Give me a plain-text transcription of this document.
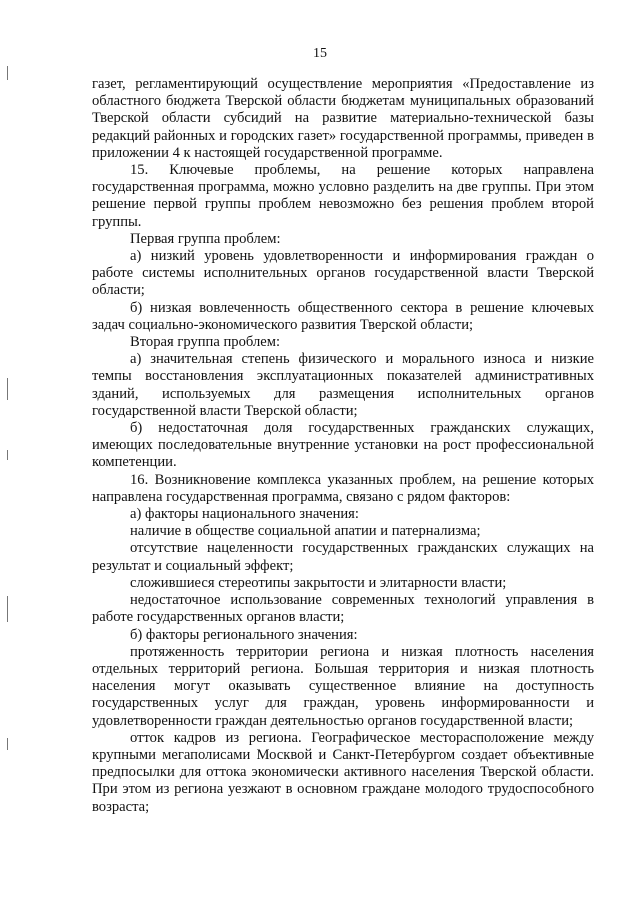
15

газет, регламентирующий осуществление мероприятия «Предоставление из областного бюджета Тверской области бюджетам муниципальных образований Тверской области субсидий на развитие материально-технической базы редакций районных и городских газет» государственной программы, приведен в приложении 4 к настоящей государственной программе.

15. Ключевые проблемы, на решение которых направлена государственная программа, можно условно разделить на две группы. При этом решение первой группы проблем невозможно без решения проблем второй группы.

Первая группа проблем:

а) низкий уровень удовлетворенности и информирования граждан о работе системы исполнительных органов государственной власти Тверской области;

б) низкая вовлеченность общественного сектора в решение ключевых задач социально-экономического развития Тверской области;

Вторая группа проблем:

а) значительная степень физического и морального износа и низкие темпы восстановления эксплуатационных показателей административных зданий, используемых для размещения исполнительных органов государственной власти Тверской области;

б) недостаточная доля государственных гражданских служащих, имеющих последовательные внутренние установки на рост профессиональной компетенции.

16. Возникновение комплекса указанных проблем, на решение которых направлена государственная программа, связано с рядом факторов:

а) факторы национального значения:

наличие в обществе социальной апатии и патернализма;

отсутствие нацеленности государственных гражданских служащих на результат и социальный эффект;

сложившиеся стереотипы закрытости и элитарности власти;

недостаточное использование современных технологий управления в работе государственных органов власти;

б) факторы регионального значения:

протяженность территории региона и низкая плотность населения отдельных территорий региона. Большая территория и низкая плотность населения могут оказывать существенное влияние на доступность государственных услуг для граждан, уровень информированности и удовлетворенности граждан деятельностью органов государственной власти;

отток кадров из региона. Географическое месторасположение между крупными мегаполисами Москвой и Санкт-Петербургом создает объективные предпосылки для оттока экономически активного населения Тверской области. При этом из региона уезжают в основном граждане молодого трудоспособного возраста;
